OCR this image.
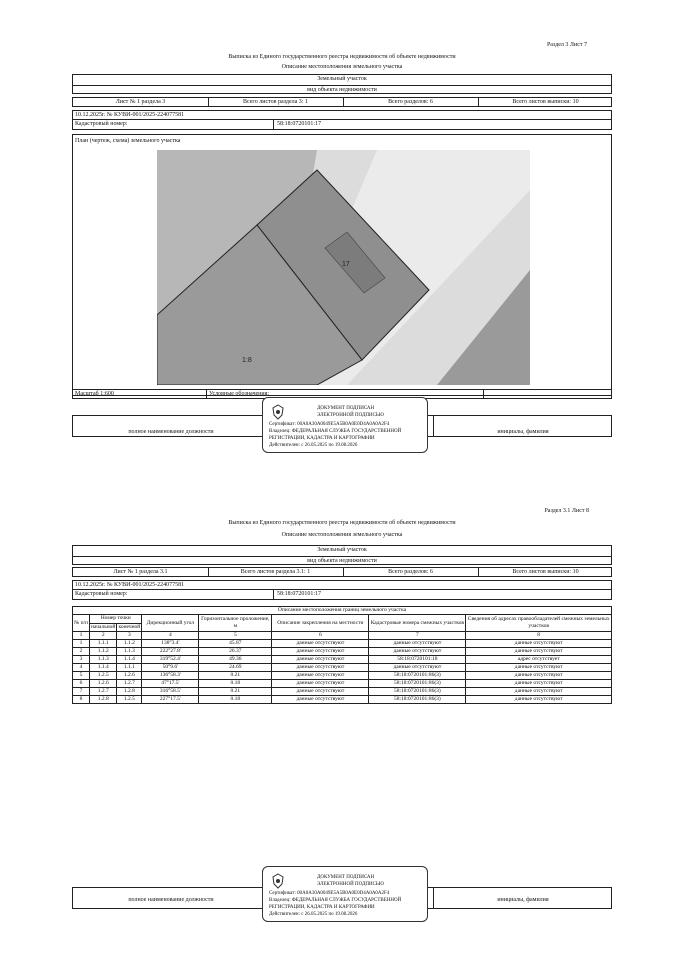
Раздел 3 Лист 7
Выписка из Единого государственного реестра недвижимости об объекте недвижимости
Описание местоположения земельного участка
Земельный участок
вид объекта недвижимости
Лист № 1 раздела 3	Всего листов раздела 3: 1	Всего разделов: 6	Всего листов выписки: 10
10.12.2025г. № КУВИ-001/2025-224077581
Кадастровый номер:	58:18:0720101:17
План (чертеж, схема) земельного участка
17
1:8
Масштаб 1:600	Условные обозначения:
полное наименование должности	инициалы, фамилия
ДОКУМЕНТ ПОДПИСАН
ЭЛЕКТРОННОЙ ПОДПИСЬЮ
Сертификат: 00A0A30A0049E5A5B0A0E0D4A0A0A2F4
Владелец: ФЕДЕРАЛЬНАЯ СЛУЖБА ГОСУДАРСТВЕННОЙ
РЕГИСТРАЦИИ, КАДАСТРА И КАРТОГРАФИИ
Действителен: с 26.05.2025 по 19.08.2026
Раздел 3.1 Лист 8
Выписка из Единого государственного реестра недвижимости об объекте недвижимости
Описание местоположения земельного участка
Земельный участок
вид объекта недвижимости
Лист № 1 раздела 3.1	Всего листов раздела 3.1: 1	Всего разделов: 6	Всего листов выписки: 10
10.12.2025г. № КУВИ-001/2025-224077581
Кадастровый номер:	58:18:0720101:17
Описание местоположения границ земельного участка							
№ п/п	Номер точки		Дирекционный угол	Горизонтальное проложение, м	Описание закрепления на местности	Кадастровые номера смежных участков	Сведения об адресах правообладателей смежных земельных участков
	начальной	конечной					
1	2	3	4	5	6	7	8
1	1.1.1	1.1.2	138°3.4'	45.87	данные отсутствуют	данные отсутствуют	данные отсутствуют
2	1.1.2	1.1.3	222°27.8'	26.37	данные отсутствуют	данные отсутствуют	данные отсутствуют
3	1.1.3	1.1.4	319°52.4'	49.36	данные отсутствуют	58:18:0720101:18	адрес отсутствует
4	1.1.4	1.1.1	50°9.6'	24.69	данные отсутствуют	данные отсутствуют	данные отсутствуют
5	1.2.5	1.2.6	136°58.3'	0.21	данные отсутствуют	58:18:0720101:86(3)	данные отсутствуют
6	1.2.6	1.2.7	47°17.5'	0.18	данные отсутствуют	58:18:0720101:86(3)	данные отсутствуют
7	1.2.7	1.2.8	316°58.5'	0.21	данные отсутствуют	58:18:0720101:86(3)	данные отсутствуют
8	1.2.8	1.2.5	227°17.5'	0.18	данные отсутствуют	58:18:0720101:86(3)	данные отсутствуют
полное наименование должности	инициалы, фамилия
ДОКУМЕНТ ПОДПИСАН
ЭЛЕКТРОННОЙ ПОДПИСЬЮ
Сертификат: 00A0A30A0049E5A5B0A0E0D4A0A0A2F4
Владелец: ФЕДЕРАЛЬНАЯ СЛУЖБА ГОСУДАРСТВЕННОЙ
РЕГИСТРАЦИИ, КАДАСТРА И КАРТОГРАФИИ
Действителен: с 26.05.2025 по 19.08.2026
